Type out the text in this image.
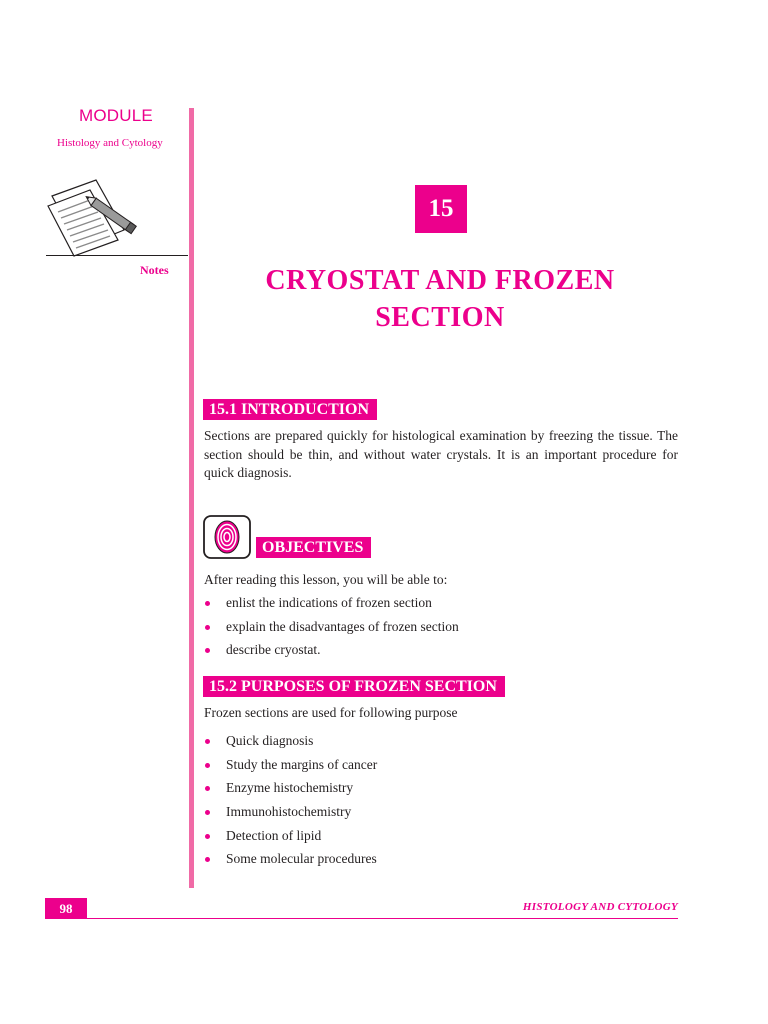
MODULE
Histology and Cytology
Notes
15
CRYOSTAT AND FROZEN
SECTION
15.1 INTRODUCTION

Sections are prepared quickly for histological examination by freezing the tissue. The section should be thin, and without water crystals. It is an important procedure for quick diagnosis.

OBJECTIVES

After reading this lesson, you will be able to:

enlist the indications of frozen section
explain the disadvantages of frozen section
describe cryostat.
15.2 PURPOSES OF FROZEN SECTION

Frozen sections are used for following purpose

Quick diagnosis
Study the margins of cancer
Enzyme histochemistry
Immunohistochemistry
Detection of lipid
Some molecular procedures
98	HISTOLOGY AND CYTOLOGY
